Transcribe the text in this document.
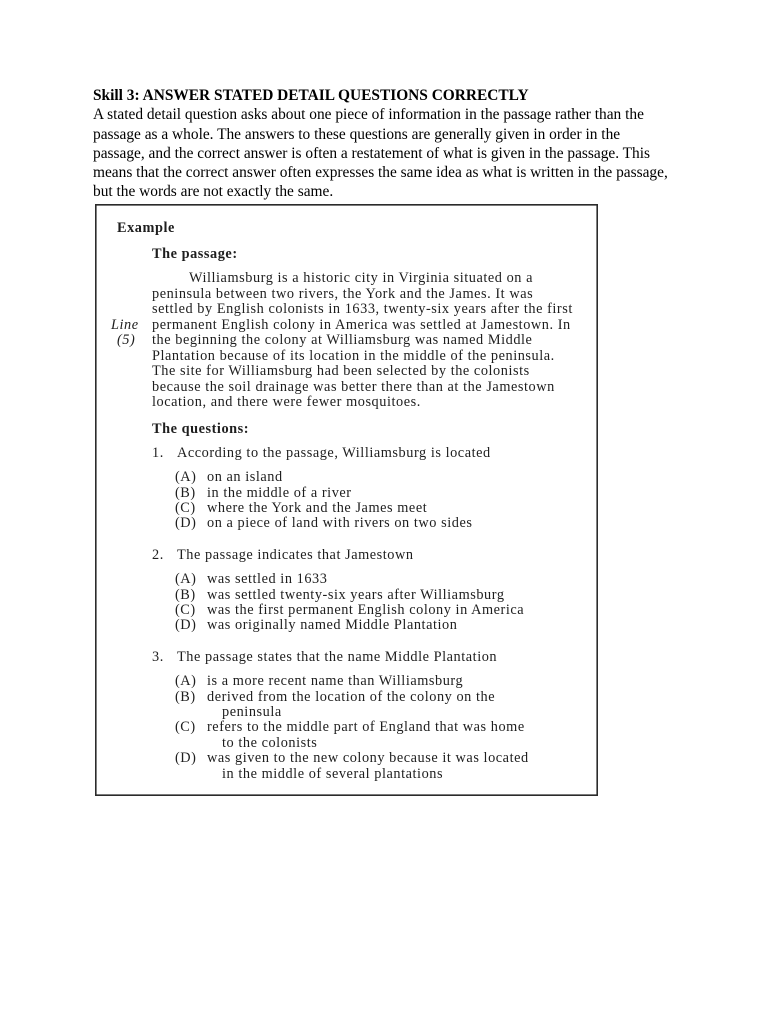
Skill 3: ANSWER STATED DETAIL QUESTIONS CORRECTLY
A stated detail question asks about one piece of information in the passage rather than the
passage as a whole. The answers to these questions are generally given in order in the
passage, and the correct answer is often a restatement of what is given in the passage. This
means that the correct answer often expresses the same idea as what is written in the passage,
but the words are not exactly the same.
Example
The passage:
Line
(5)
Williamsburg is a historic city in Virginia situated on a
peninsula between two rivers, the York and the James. It was
settled by English colonists in 1633, twenty-six years after the first
permanent English colony in America was settled at Jamestown. In
the beginning the colony at Williamsburg was named Middle
Plantation because of its location in the middle of the peninsula.
The site for Williamsburg had been selected by the colonists
because the soil drainage was better there than at the Jamestown
location, and there were fewer mosquitoes.
The questions:
1. According to the passage, Williamsburg is located
(A) on an island
(B) in the middle of a river
(C) where the York and the James meet
(D) on a piece of land with rivers on two sides
2. The passage indicates that Jamestown
(A) was settled in 1633
(B) was settled twenty-six years after Williamsburg
(C) was the first permanent English colony in America
(D) was originally named Middle Plantation
3. The passage states that the name Middle Plantation
(A) is a more recent name than Williamsburg
(B) derived from the location of the colony on the
peninsula
(C) refers to the middle part of England that was home
to the colonists
(D) was given to the new colony because it was located
in the middle of several plantations
